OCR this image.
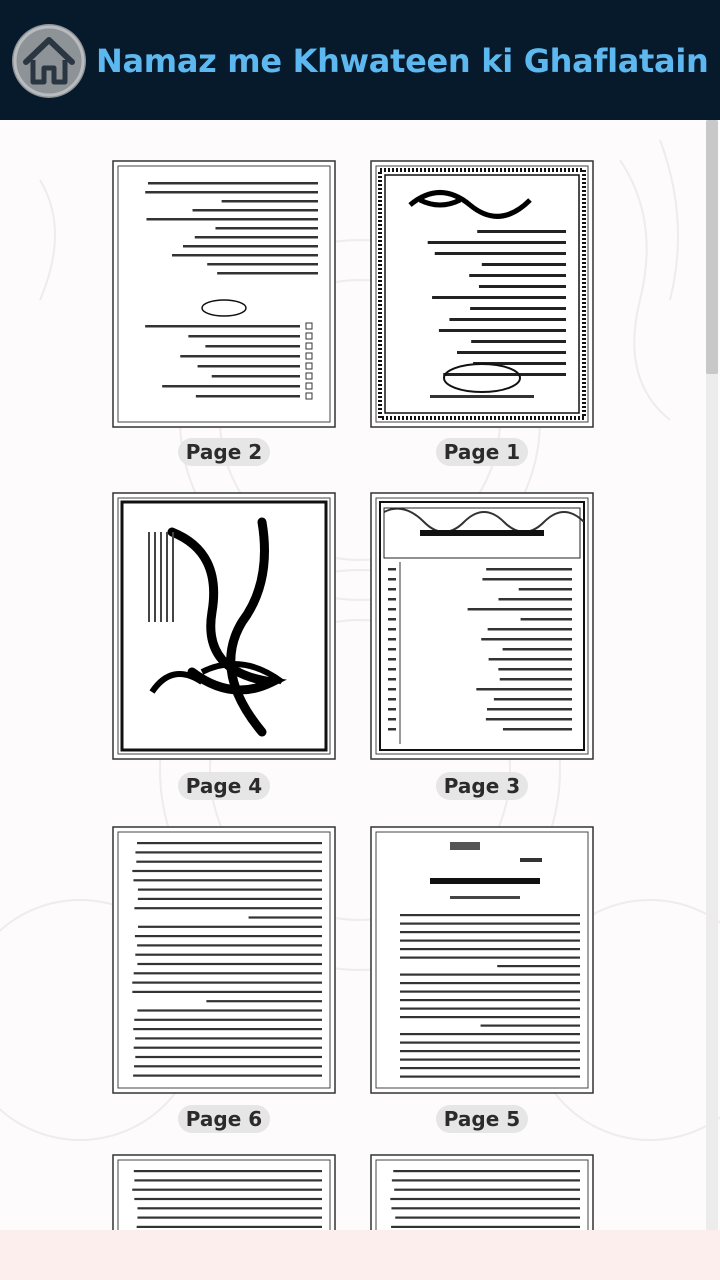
Namaz me Khwateen ki Ghaflatain
Page 2	Page 1
Page 4	Page 3
Page 6	Page 5
